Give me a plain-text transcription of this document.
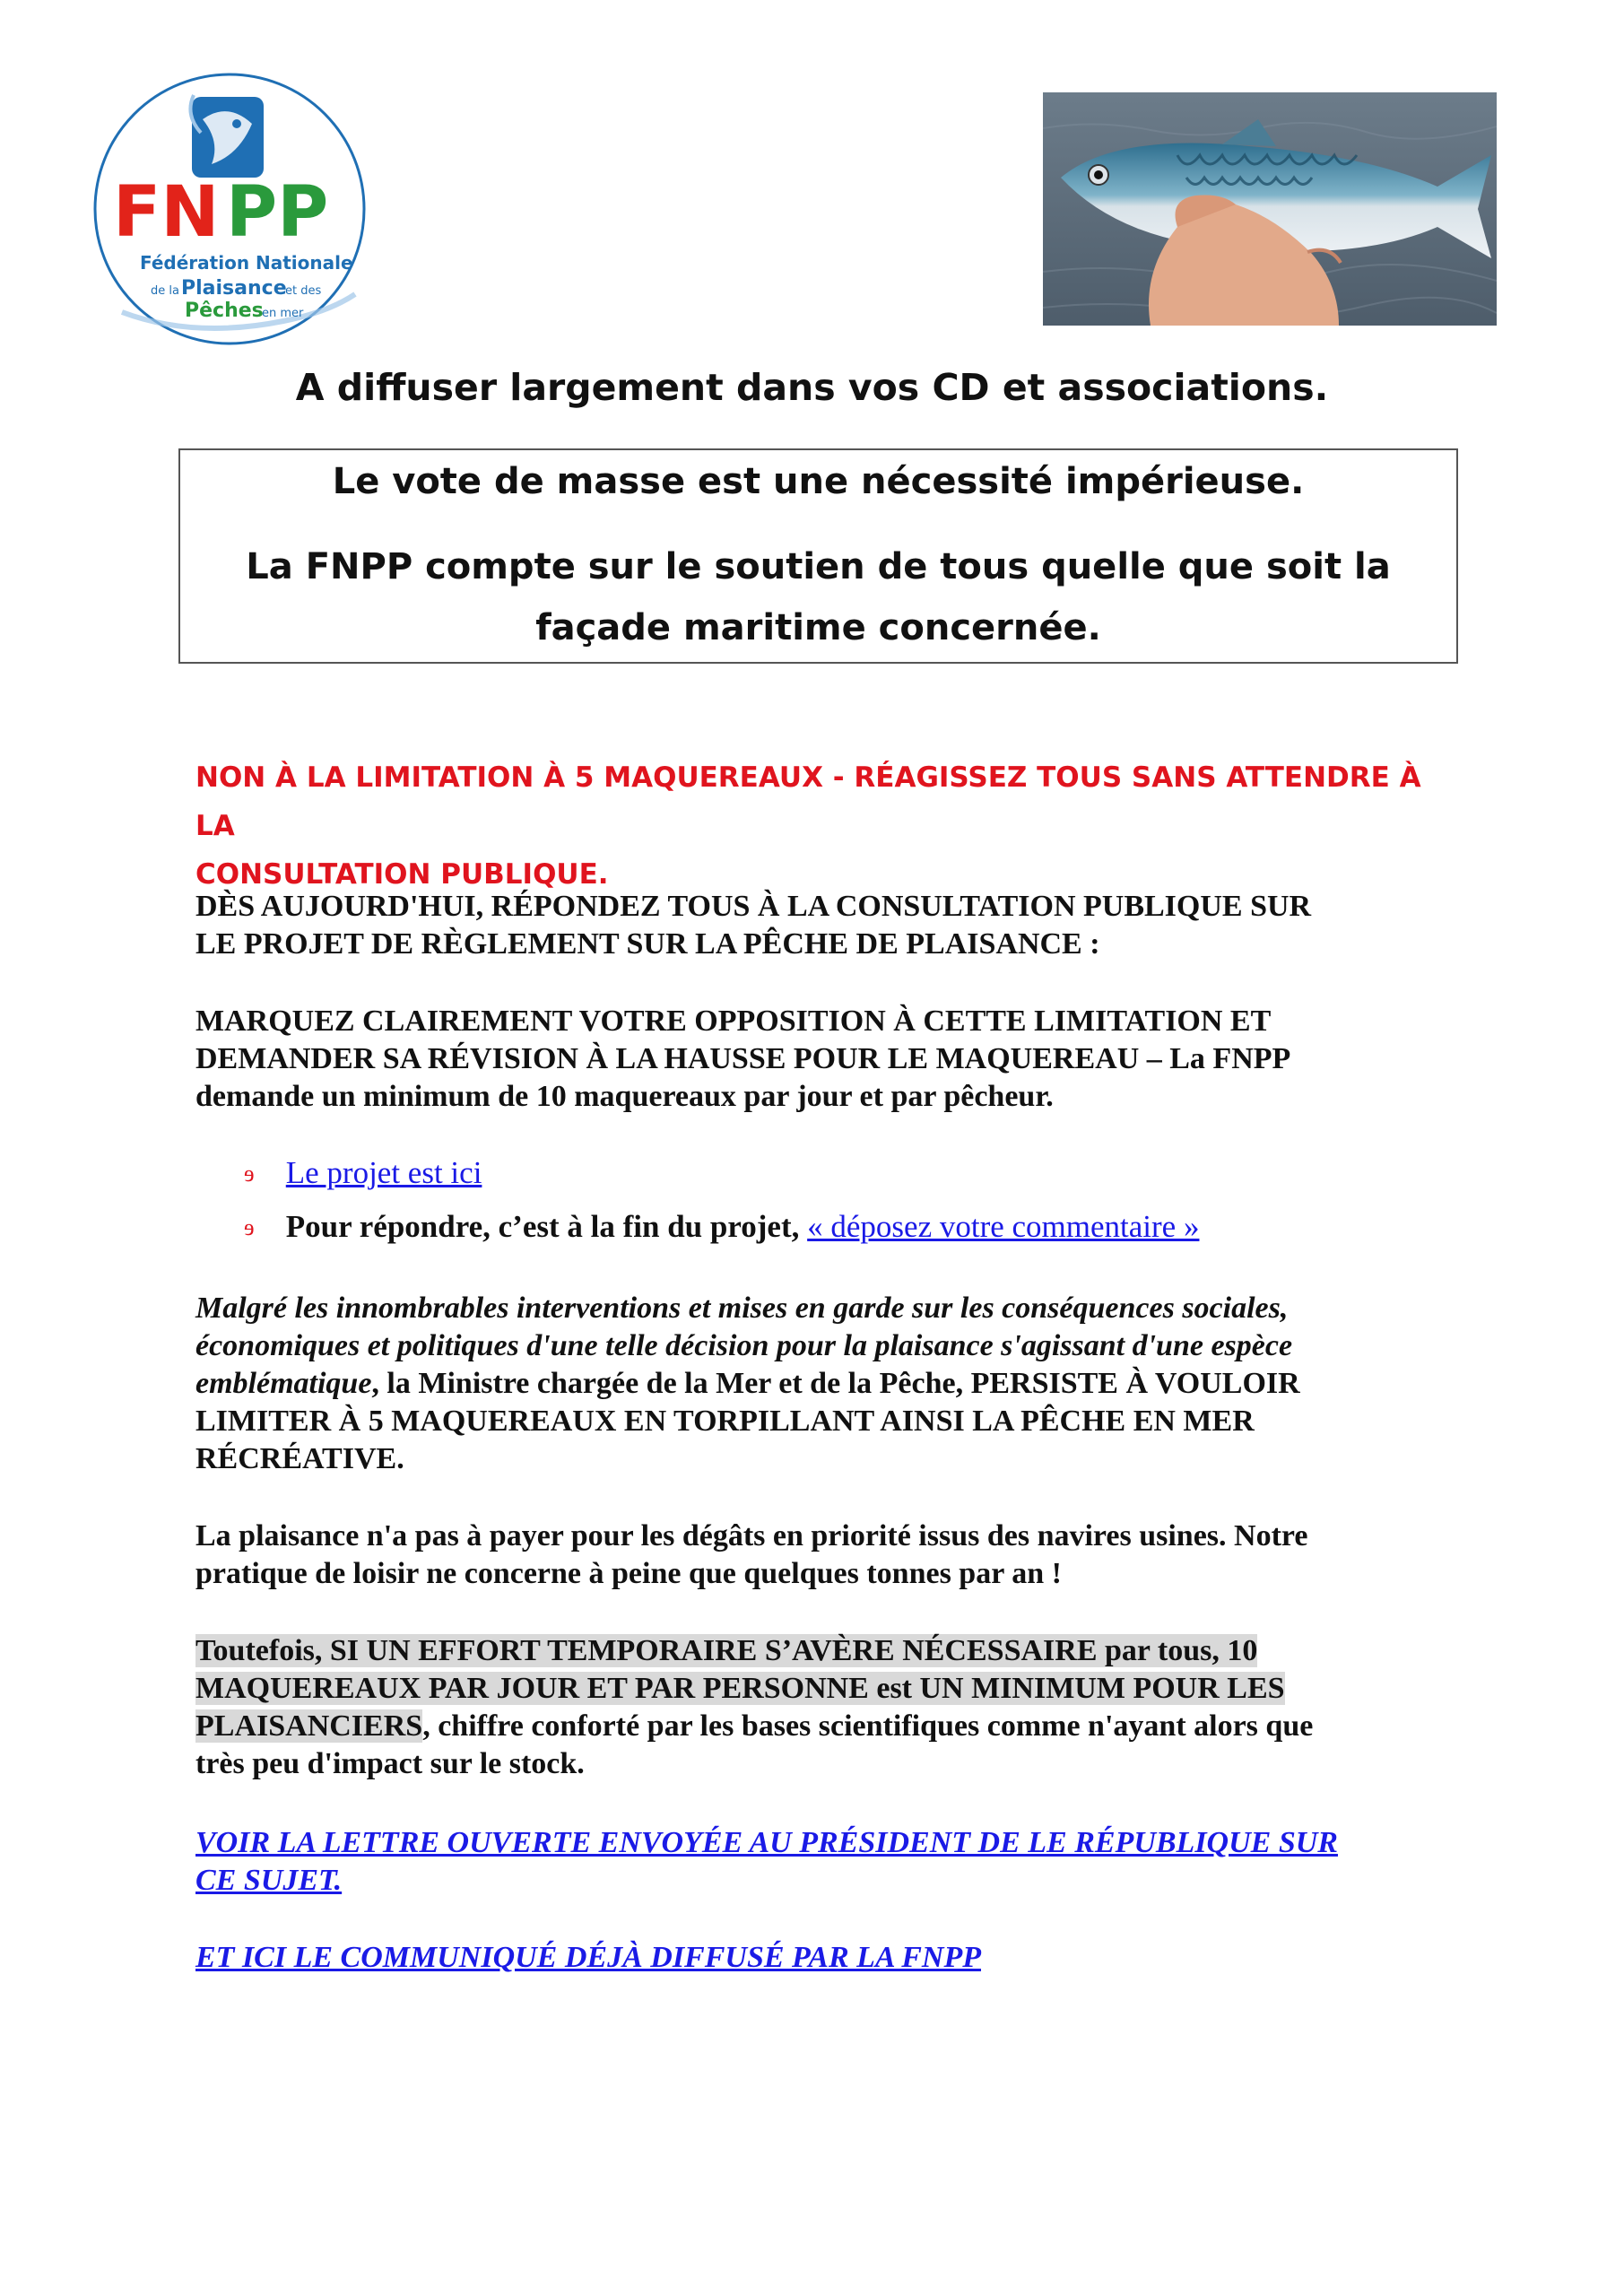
FN PP
Fédération Nationale
de la Plaisance
et des
Pêches
en mer
A diffuser largement dans vos CD et associations.
Le vote de masse est une nécessité impérieuse.
La FNPP compte sur le soutien de tous quelle que soit la
façade maritime concernée.
NON À LA LIMITATION À 5 MAQUEREAUX - RÉAGISSEZ TOUS SANS ATTENDRE À LA
CONSULTATION PUBLIQUE.
DÈS AUJOURD'HUI, RÉPONDEZ TOUS À LA CONSULTATION PUBLIQUE SUR
LE PROJET DE RÈGLEMENT SUR LA PÊCHE DE PLAISANCE :
MARQUEZ CLAIREMENT VOTRE OPPOSITION À CETTE LIMITATION ET
DEMANDER SA RÉVISION À LA HAUSSE POUR LE MAQUEREAU – La FNPP
demande un minimum de 10 maquereaux par jour et par pêcheur.
ɘ Le projet est ici
ɘ Pour répondre, c’est à la fin du projet, « déposez votre commentaire »
Malgré les innombrables interventions et mises en garde sur les conséquences sociales,
économiques et politiques d'une telle décision pour la plaisance s'agissant d'une espèce
emblématique, la Ministre chargée de la Mer et de la Pêche, PERSISTE À VOULOIR
LIMITER À 5 MAQUEREAUX EN TORPILLANT AINSI LA PÊCHE EN MER
RÉCRÉATIVE.
La plaisance n'a pas à payer pour les dégâts en priorité issus des navires usines. Notre
pratique de loisir ne concerne à peine que quelques tonnes par an !
Toutefois, SI UN EFFORT TEMPORAIRE S’AVÈRE NÉCESSAIRE par tous, 10
MAQUEREAUX PAR JOUR ET PAR PERSONNE est UN MINIMUM POUR LES
PLAISANCIERS, chiffre conforté par les bases scientifiques comme n'ayant alors que
très peu d'impact sur le stock.
VOIR LA LETTRE OUVERTE ENVOYÉE AU PRÉSIDENT DE LE RÉPUBLIQUE SUR
CE SUJET.
ET ICI LE COMMUNIQUÉ DÉJÀ DIFFUSÉ PAR LA FNPP
